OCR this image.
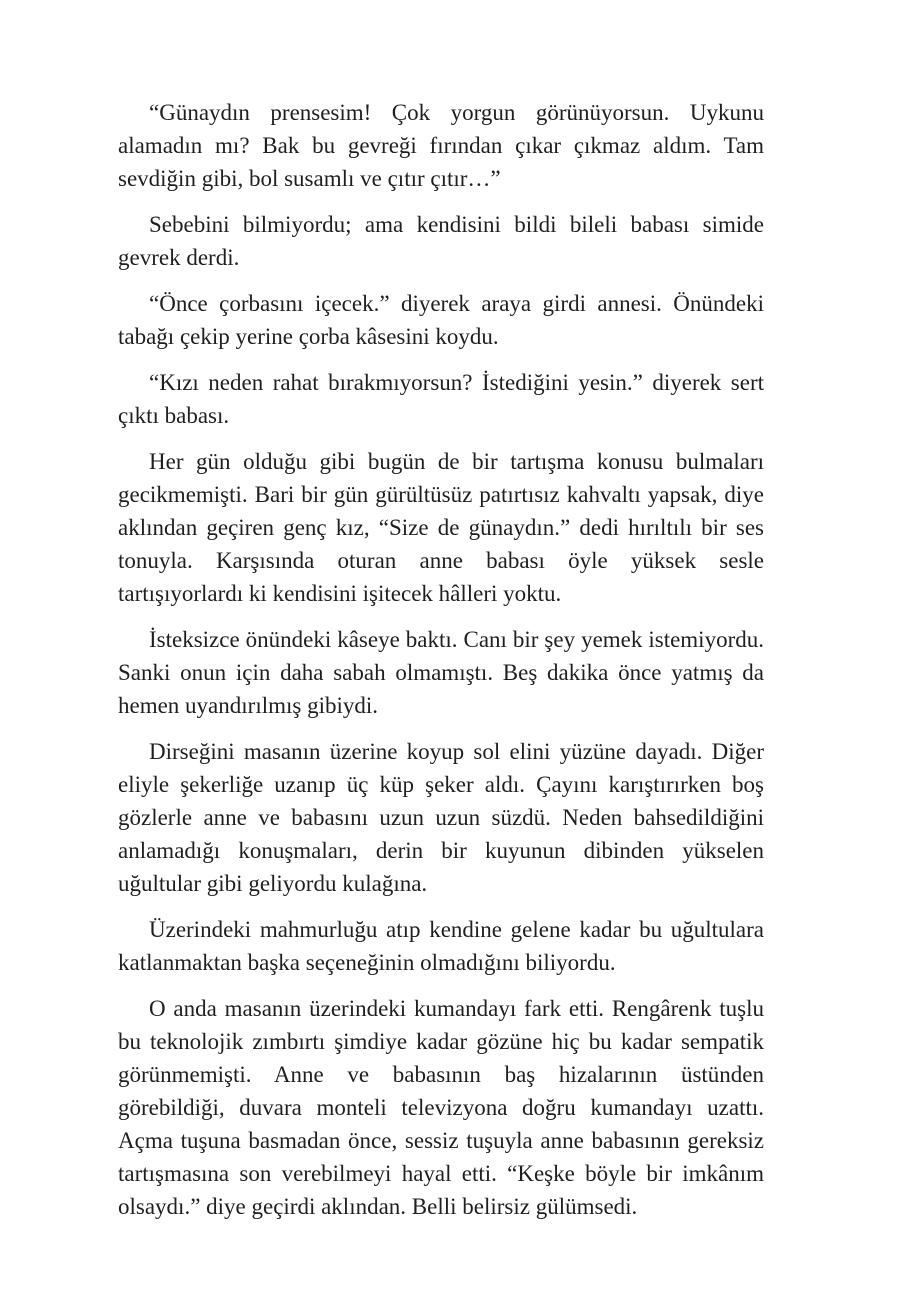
“Günaydın prensesim! Çok yorgun görünüyorsun. Uykunu alamadın mı? Bak bu gevreği fırından çıkar çıkmaz aldım. Tam sevdiğin gibi, bol susamlı ve çıtır çıtır…”

Sebebini bilmiyordu; ama kendisini bildi bileli babası simide gevrek derdi.

“Önce çorbasını içecek.” diyerek araya girdi annesi. Önündeki tabağı çekip yerine çorba kâsesini koydu.

“Kızı neden rahat bırakmıyorsun? İstediğini yesin.” diyerek sert çıktı babası.

Her gün olduğu gibi bugün de bir tartışma konusu bulmaları gecikmemişti. Bari bir gün gürültüsüz patırtısız kahvaltı yapsak, diye aklından geçiren genç kız, “Size de günaydın.” dedi hırıltılı bir ses tonuyla. Karşısında oturan anne babası öyle yüksek sesle tartışıyorlardı ki kendisini işitecek hâlleri yoktu.

İsteksizce önündeki kâseye baktı. Canı bir şey yemek istemiyordu. Sanki onun için daha sabah olmamıştı. Beş dakika önce yatmış da hemen uyandırılmış gibiydi.

Dirseğini masanın üzerine koyup sol elini yüzüne dayadı. Diğer eliyle şekerliğe uzanıp üç küp şeker aldı. Çayını karıştırırken boş gözlerle anne ve babasını uzun uzun süzdü. Neden bahsedildiğini anlamadığı konuşmaları, derin bir kuyunun dibinden yükselen uğultular gibi geliyordu kulağına.

Üzerindeki mahmurluğu atıp kendine gelene kadar bu uğultulara katlanmaktan başka seçeneğinin olmadığını biliyordu.

O anda masanın üzerindeki kumandayı fark etti. Rengârenk tuşlu bu teknolojik zımbırtı şimdiye kadar gözüne hiç bu kadar sempatik görünmemişti. Anne ve babasının baş hizalarının üstünden görebildiği, duvara monteli televizyona doğru kumandayı uzattı. Açma tuşuna basmadan önce, sessiz tuşuyla anne babasının gereksiz tartışmasına son verebilmeyi hayal etti. “Keşke böyle bir imkânım olsaydı.” diye geçirdi aklından. Belli belirsiz gülümsedi.
